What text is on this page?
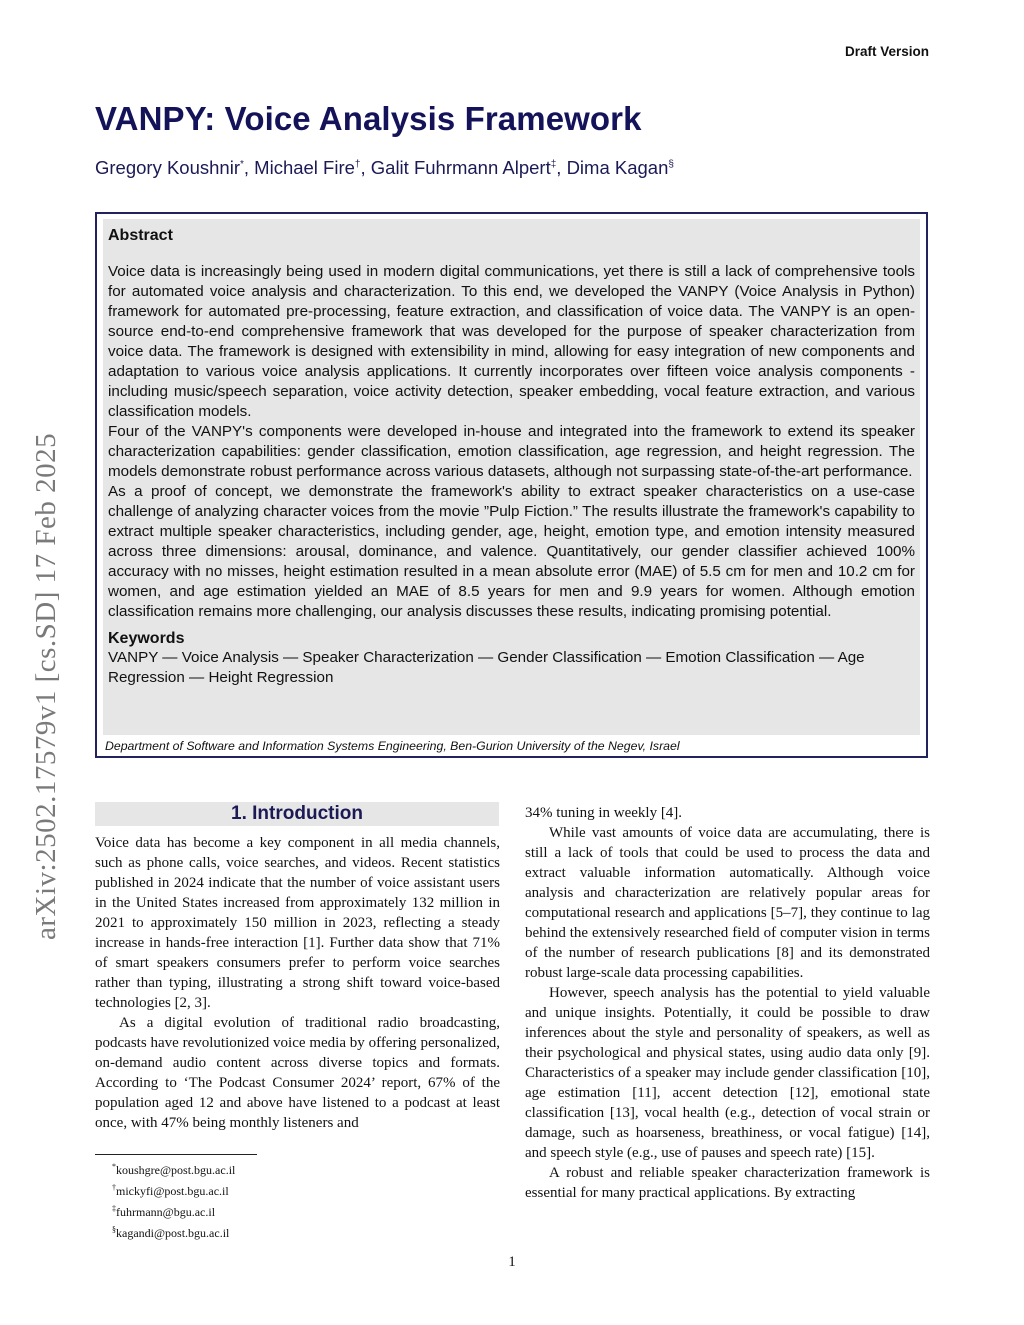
Draft Version
VANPY: Voice Analysis Framework
Gregory Koushnir*, Michael Fire†, Galit Fuhrmann Alpert‡, Dima Kagan§
Abstract

Voice data is increasingly being used in modern digital communications, yet there is still a lack of comprehensive tools for automated voice analysis and characterization. To this end, we developed the VANPY (Voice Analysis in Python) framework for automated pre-processing, feature extraction, and classification of voice data. The VANPY is an open-source end-to-end comprehensive framework that was developed for the purpose of speaker characterization from voice data. The framework is designed with extensibility in mind, allowing for easy integration of new components and adaptation to various voice analysis applications. It currently incorporates over fifteen voice analysis components - including music/speech separation, voice activity detection, speaker embedding, vocal feature extraction, and various classification models.

Four of the VANPY's components were developed in-house and integrated into the framework to extend its speaker characterization capabilities: gender classification, emotion classification, age regression, and height regression. The models demonstrate robust performance across various datasets, although not surpassing state-of-the-art performance.

As a proof of concept, we demonstrate the framework's ability to extract speaker characteristics on a use-case challenge of analyzing character voices from the movie ”Pulp Fiction.” The results illustrate the framework's capability to extract multiple speaker characteristics, including gender, age, height, emotion type, and emotion intensity measured across three dimensions: arousal, dominance, and valence. Quantitatively, our gender classifier achieved 100% accuracy with no misses, height estimation resulted in a mean absolute error (MAE) of 5.5 cm for men and 10.2 cm for women, and age estimation yielded an MAE of 8.5 years for men and 9.9 years for women. Although emotion classification remains more challenging, our analysis discusses these results, indicating promising potential.

Keywords

VANPY — Voice Analysis — Speaker Characterization — Gender Classification — Emotion Classification — Age Regression — Height Regression

Department of Software and Information Systems Engineering, Ben-Gurion University of the Negev, Israel
arXiv:2502.17579v1 [cs.SD] 17 Feb 2025	1. Introduction

Voice data has become a key component in all media channels, such as phone calls, voice searches, and videos. Recent statistics published in 2024 indicate that the number of voice assistant users in the United States increased from approximately 132 million in 2021 to approximately 150 million in 2023, reflecting a steady increase in hands-free interaction [1]. Further data show that 71% of smart speakers consumers prefer to perform voice searches rather than typing, illustrating a strong shift toward voice-based technologies [2, 3].

As a digital evolution of traditional radio broadcasting, podcasts have revolutionized voice media by offering personalized, on-demand audio content across diverse topics and formats. According to ‘The Podcast Consumer 2024’ report, 67% of the population aged 12 and above have listened to a podcast at least once, with 47% being monthly listeners and

34% tuning in weekly [4].

While vast amounts of voice data are accumulating, there is still a lack of tools that could be used to process the data and extract valuable information automatically. Although voice analysis and characterization are relatively popular areas for computational research and applications [5–7], they continue to lag behind the extensively researched field of computer vision in terms of the number of research publications [8] and its demonstrated robust large-scale data processing capabilities.

However, speech analysis has the potential to yield valuable and unique insights. Potentially, it could be possible to draw inferences about the style and personality of speakers, as well as their psychological and physical states, using audio data only [9]. Characteristics of a speaker may include gender classification [10], age estimation [11], accent detection [12], emotional state classification [13], vocal health (e.g., detection of vocal strain or damage, such as hoarseness, breathiness, or vocal fatigue) [14], and speech style (e.g., use of pauses and speech rate) [15].

A robust and reliable speaker characterization framework is essential for many practical applications. By extracting

*koushgre@post.bgu.ac.il
†mickyfi@post.bgu.ac.il
‡fuhrmann@bgu.ac.il
§kagandi@post.bgu.ac.il
1
